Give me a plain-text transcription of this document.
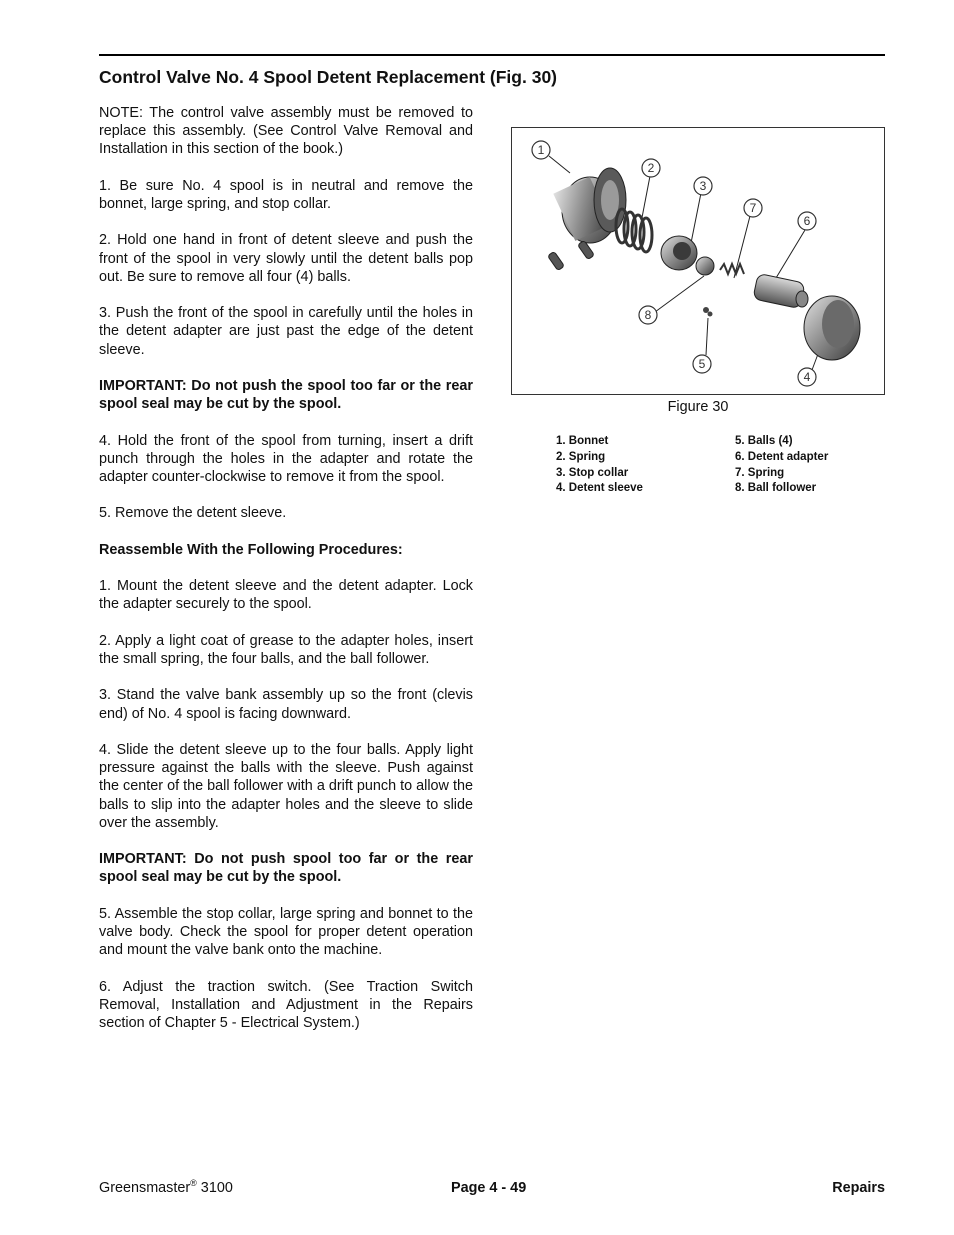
Control Valve No. 4 Spool Detent Replacement (Fig. 30)

NOTE: The control valve assembly must be removed to replace this assembly. (See Control Valve Removal and Installation in this section of the book.)

1. Be sure No. 4 spool is in neutral and remove the bonnet, large spring, and stop collar.

2. Hold one hand in front of detent sleeve and push the front of the spool in very slowly until the detent balls pop out. Be sure to remove all four (4) balls.

3. Push the front of the spool in carefully until the holes in the detent adapter are just past the edge of the detent sleeve.

IMPORTANT: Do not push the spool too far or the rear spool seal may be cut by the spool.

4. Hold the front of the spool from turning, insert a drift punch through the holes in the adapter and rotate the adapter counter-clockwise to remove it from the spool.

5. Remove the detent sleeve.

Reassemble With the Following Procedures:

1. Mount the detent sleeve and the detent adapter. Lock the adapter securely to the spool.

2. Apply a light coat of grease to the adapter holes, insert the small spring, the four balls, and the ball follower.

3. Stand the valve bank assembly up so the front (clevis end) of No. 4 spool is facing downward.

4. Slide the detent sleeve up to the four balls. Apply light pressure against the balls with the sleeve. Push against the center of the ball follower with a drift punch to allow the balls to slip into the adapter holes and the sleeve to slide over the assembly.

IMPORTANT: Do not push spool too far or the rear spool seal may be cut by the spool.

5. Assemble the stop collar, large spring and bonnet to the valve body. Check the spool for proper detent operation and mount the valve bank onto the machine.

6. Adjust the traction switch. (See Traction Switch Removal, Installation and Adjustment in the Repairs section of Chapter 5 - Electrical System.)

1
2
3
4
5
6
7
8
Figure 30
1. Bonnet
2. Spring
3. Stop collar
4. Detent sleeve
5. Balls (4)
6. Detent adapter
7. Spring
8. Ball follower
Greensmaster® 3100	Page 4 - 49	Repairs
